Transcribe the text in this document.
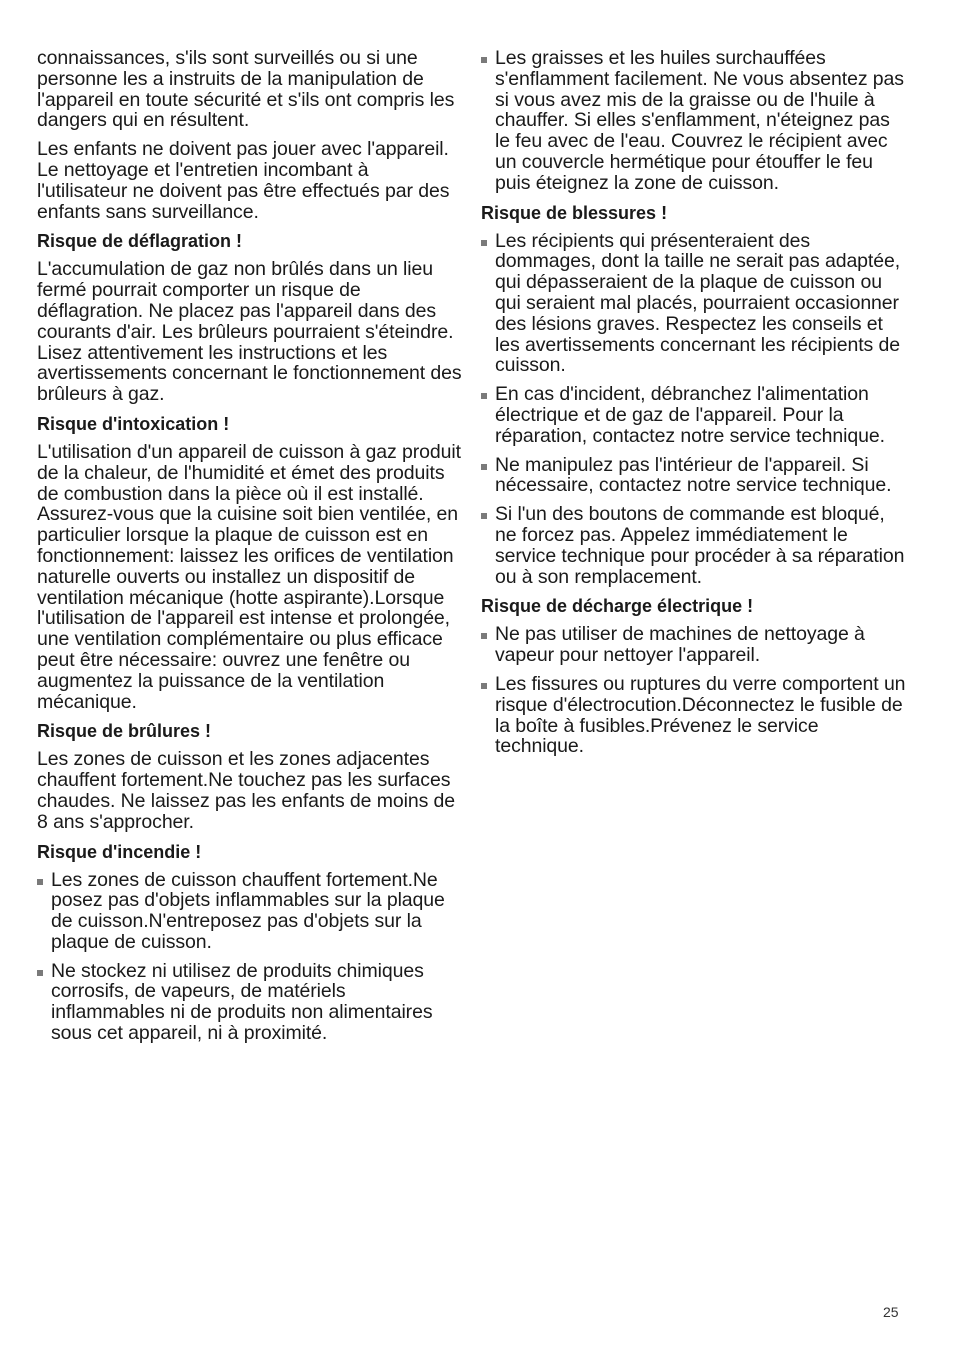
connaissances, s'ils sont surveillés ou si une personne les a instruits de la manipulation de l'appareil en toute sécurité et s'ils ont compris les dangers qui en résultent.

Les enfants ne doivent pas jouer avec l'appareil. Le nettoyage et l'entretien incombant à l'utilisateur ne doivent pas être effectués par des enfants sans surveillance.

Risque de déflagration !

L'accumulation de gaz non brûlés dans un lieu fermé pourrait comporter un risque de déflagration. Ne placez pas l'appareil dans des courants d'air. Les brûleurs pourraient s'éteindre. Lisez attentivement les instructions et les avertissements concernant le fonctionnement des brûleurs à gaz.

Risque d'intoxication !

L'utilisation d'un appareil de cuisson à gaz produit de la chaleur, de l'humidité et émet des produits de combustion dans la pièce où il est installé. Assurez-vous que la cuisine soit bien ventilée, en particulier lorsque la plaque de cuisson est en fonctionnement: laissez les orifices de ventilation naturelle ouverts ou installez un dispositif de ventilation mécanique (hotte aspirante).Lorsque l'utilisation de l'appareil est intense et prolongée, une ventilation complémentaire ou plus efficace peut être nécessaire: ouvrez une fenêtre ou augmentez la puissance de la ventilation mécanique.

Risque de brûlures !

Les zones de cuisson et les zones adjacentes chauffent fortement.Ne touchez pas les surfaces chaudes. Ne laissez pas les enfants de moins de 8 ans s'approcher.

Risque d'incendie !
Les zones de cuisson chauffent fortement.Ne posez pas d'objets inflammables sur la plaque de cuisson.N'entreposez pas d'objets sur la plaque de cuisson.
Ne stockez ni utilisez de produits chimiques corrosifs, de vapeurs, de matériels inflammables ni de produits non alimentaires sous cet appareil, ni à proximité.
Les graisses et les huiles surchauffées s'enflamment facilement. Ne vous absentez pas si vous avez mis de la graisse ou de l'huile à chauffer. Si elles s'enflamment, n'éteignez pas le feu avec de l'eau. Couvrez le récipient avec un couvercle hermétique pour étouffer le feu puis éteignez la zone de cuisson.
Risque de blessures !
Les récipients qui présenteraient des dommages, dont la taille ne serait pas adaptée, qui dépasseraient de la plaque de cuisson ou qui seraient mal placés, pourraient occasionner des lésions graves. Respectez les conseils et les avertissements concernant les récipients de cuisson.
En cas d'incident, débranchez l'alimentation électrique et de gaz de l'appareil. Pour la réparation, contactez notre service technique.
Ne manipulez pas l'intérieur de l'appareil. Si nécessaire, contactez notre service technique.
Si l'un des boutons de commande est bloqué, ne forcez pas. Appelez immédiatement le service technique pour procéder à sa réparation ou à son remplacement.
Risque de décharge électrique !
Ne pas utiliser de machines de nettoyage à vapeur pour nettoyer l'appareil.
Les fissures ou ruptures du verre comportent un risque d'électrocution.Déconnectez le fusible de la boîte à fusibles.Prévenez le service technique.
25
